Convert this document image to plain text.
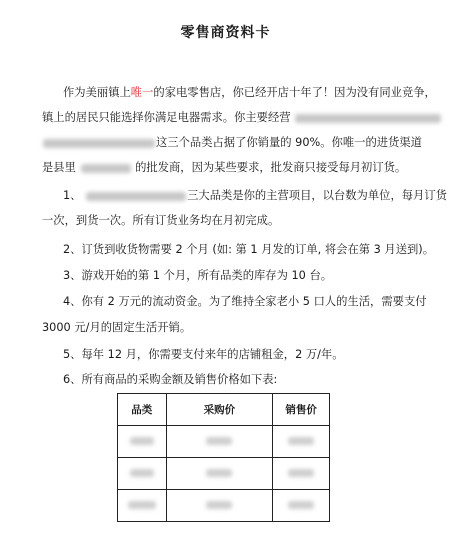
零售商资料卡
作为美丽镇上唯一的家电零售店，你已经开店十年了！因为没有同业竞争，
镇上的居民只能选择你满足电器需求。你主要经营
这三个品类占据了你销量的 90%。你唯一的进货渠道
是县里	的批发商，因为某些要求，批发商只接受每月初订货。
1、	三大品类是你的主营项目，以台数为单位，每月订货
一次，到货一次。所有订货业务均在月初完成。
2、订货到收货物需要 2 个月 (如: 第 1 月发的订单, 将会在第 3 月送到)。
3、游戏开始的第 1 个月，所有品类的库存为 10 台。
4、你有 2 万元的流动资金。为了维持全家老小 5 口人的生活，需要支付
3000 元/月的固定生活开销。
5、每年 12 月，你需要支付来年的店铺租金，2 万/年。
6、所有商品的采购金额及销售价格如下表:
品类	采购价	销售价
